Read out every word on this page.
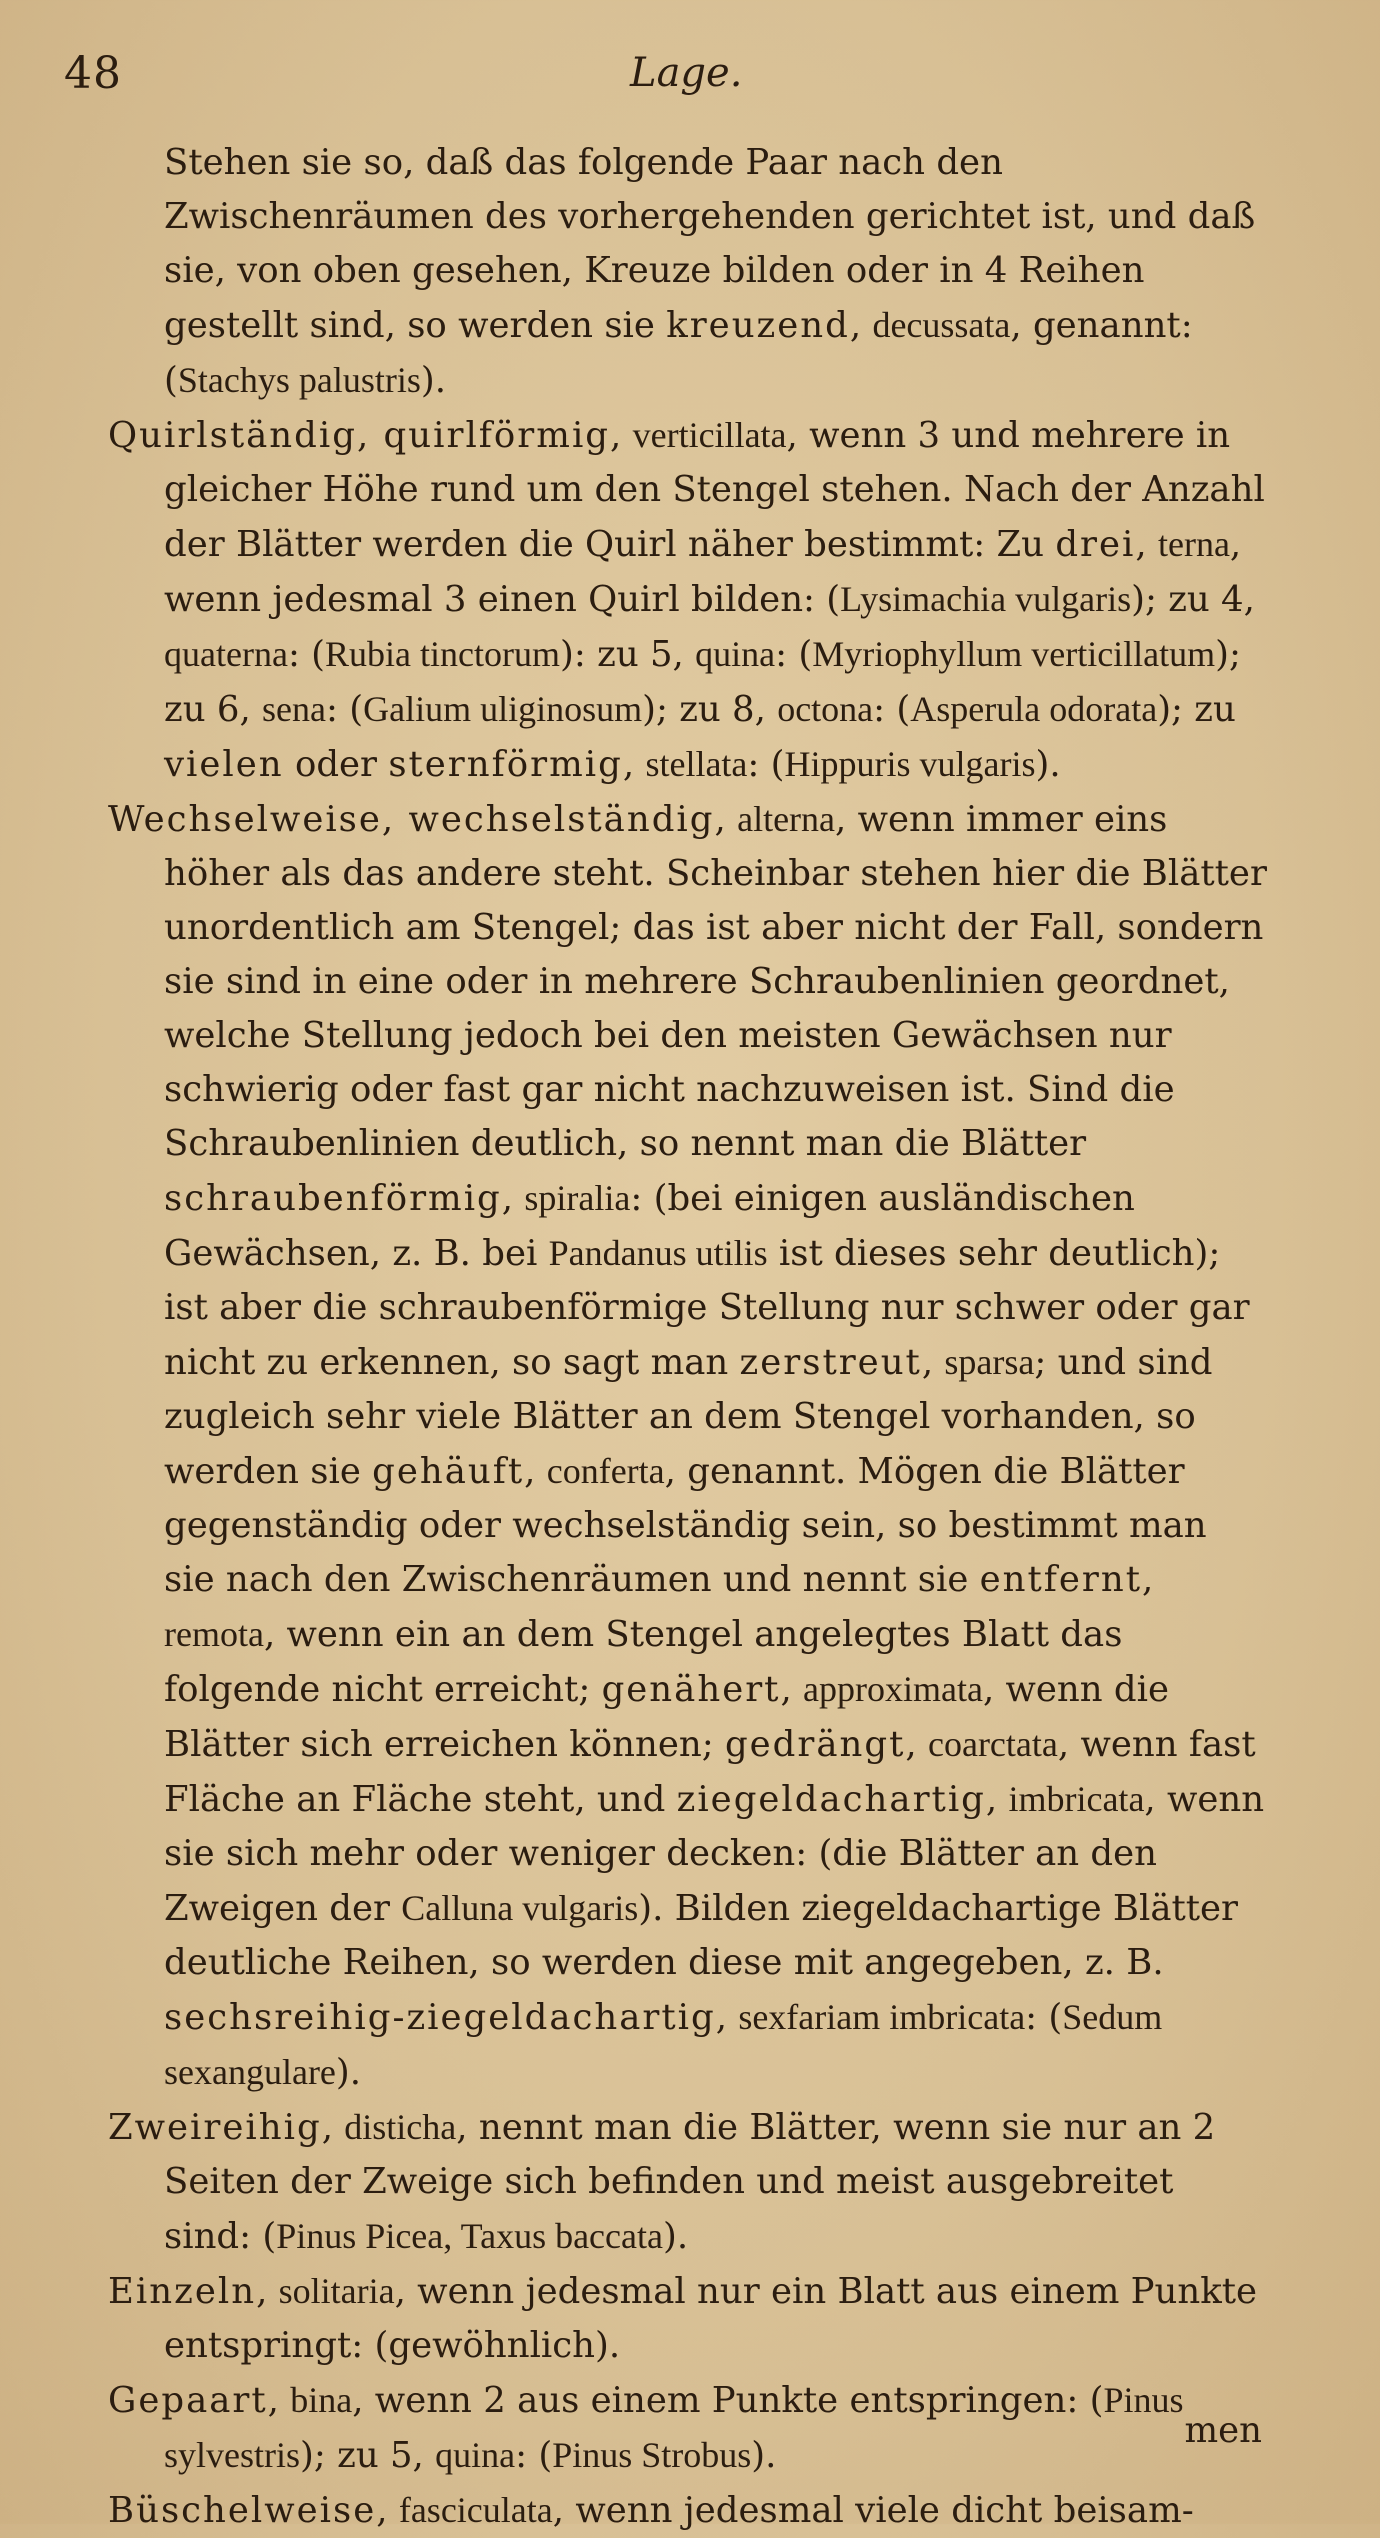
48	Lage.

Stehen sie so, daß das folgende Paar nach den Zwischenräumen des vorhergehenden gerichtet ist, und daß sie, von oben gesehen, Kreuze bilden oder in 4 Reihen gestellt sind, so werden sie kreuzend, decussata, genannt: (Stachys palustris).

Quirlständig, quirlförmig, verticillata, wenn 3 und mehrere in gleicher Höhe rund um den Stengel stehen. Nach der Anzahl der Blätter werden die Quirl näher bestimmt: Zu drei, terna, wenn jedesmal 3 einen Quirl bilden: (Lysimachia vulgaris); zu 4, quaterna: (Rubia tinctorum): zu 5, quina: (Myriophyllum verticillatum); zu 6, sena: (Galium uliginosum); zu 8, octona: (Asperula odorata); zu vielen oder sternförmig, stellata: (Hippuris vulgaris).

Wechselweise, wechselständig, alterna, wenn immer eins höher als das andere steht. Scheinbar stehen hier die Blätter unordentlich am Stengel; das ist aber nicht der Fall, sondern sie sind in eine oder in mehrere Schraubenlinien geordnet, welche Stellung jedoch bei den meisten Gewächsen nur schwierig oder fast gar nicht nachzuweisen ist. Sind die Schraubenlinien deutlich, so nennt man die Blätter schraubenförmig, spiralia: (bei einigen ausländischen Gewächsen, z. B. bei Pandanus utilis ist dieses sehr deutlich); ist aber die schraubenförmige Stellung nur schwer oder gar nicht zu erkennen, so sagt man zerstreut, sparsa; und sind zugleich sehr viele Blätter an dem Stengel vorhanden, so werden sie gehäuft, conferta, genannt. Mögen die Blätter gegenständig oder wechselständig sein, so bestimmt man sie nach den Zwischenräumen und nennt sie entfernt, remota, wenn ein an dem Stengel angelegtes Blatt das folgende nicht erreicht; genähert, approximata, wenn die Blätter sich erreichen können; gedrängt, coarctata, wenn fast Fläche an Fläche steht, und ziegeldachartig, imbricata, wenn sie sich mehr oder weniger decken: (die Blätter an den Zweigen der Calluna vulgaris). Bilden ziegeldachartige Blätter deutliche Reihen, so werden diese mit angegeben, z. B. sechsreihig-ziegeldachartig, sexfariam imbricata: (Sedum sexangulare).

Zweireihig, disticha, nennt man die Blätter, wenn sie nur an 2 Seiten der Zweige sich befinden und meist ausgebreitet sind: (Pinus Picea, Taxus baccata).

Einzeln, solitaria, wenn jedesmal nur ein Blatt aus einem Punkte entspringt: (gewöhnlich).

Gepaart, bina, wenn 2 aus einem Punkte entspringen: (Pinus sylvestris); zu 5, quina: (Pinus Strobus).

Büschelweise, fasciculata, wenn jedesmal viele dicht beisam-

men
